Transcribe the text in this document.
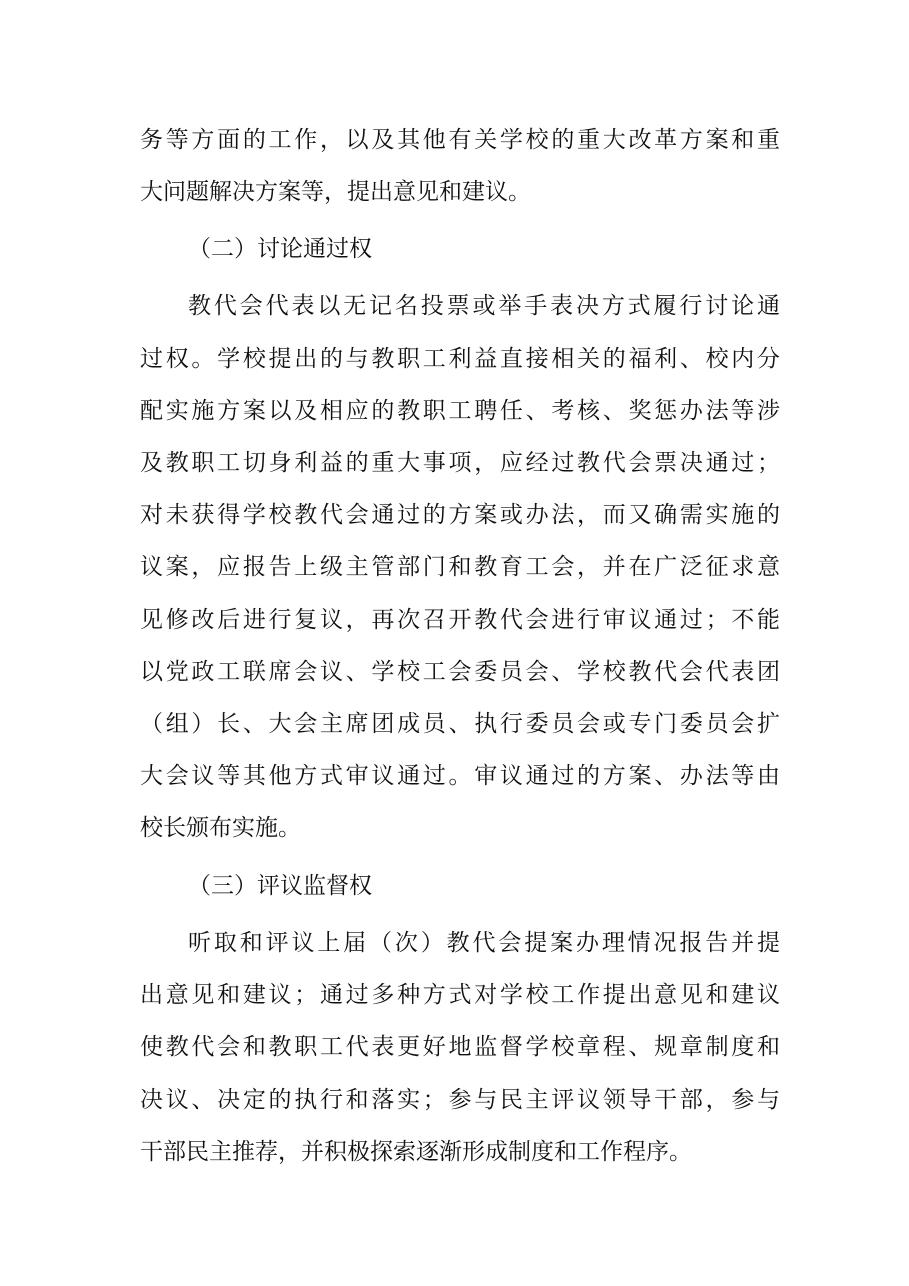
务等方面的工作，以及其他有关学校的重大改革方案和重
大问题解决方案等，提出意见和建议。
（二）讨论通过权
教代会代表以无记名投票或举手表决方式履行讨论通
过权。学校提出的与教职工利益直接相关的福利、校内分
配实施方案以及相应的教职工聘任、考核、奖惩办法等涉
及教职工切身利益的重大事项，应经过教代会票决通过；
对未获得学校教代会通过的方案或办法，而又确需实施的
议案，应报告上级主管部门和教育工会，并在广泛征求意
见修改后进行复议，再次召开教代会进行审议通过；不能
以党政工联席会议、学校工会委员会、学校教代会代表团
（组）长、大会主席团成员、执行委员会或专门委员会扩
大会议等其他方式审议通过。审议通过的方案、办法等由
校长颁布实施。
（三）评议监督权
听取和评议上届（次）教代会提案办理情况报告并提
出意见和建议；通过多种方式对学校工作提出意见和建议
使教代会和教职工代表更好地监督学校章程、规章制度和
决议、决定的执行和落实；参与民主评议领导干部，参与
干部民主推荐，并积极探索逐渐形成制度和工作程序。
